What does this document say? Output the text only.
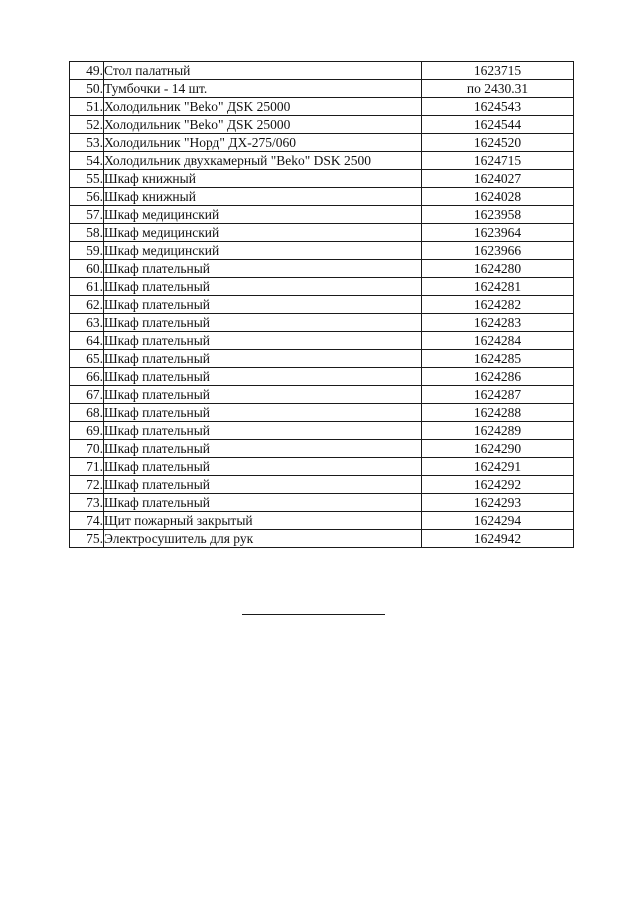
49.	Стол палатный	1623715
50.	Тумбочки - 14 шт.	по 2430.31
51.	Холодильник "Beko" ДSK 25000	1624543
52.	Холодильник "Beko" ДSK 25000	1624544
53.	Холодильник "Норд" ДХ-275/060	1624520
54.	Холодильник двухкамерный "Beko" DSK 2500	1624715
55.	Шкаф книжный	1624027
56.	Шкаф книжный	1624028
57.	Шкаф медицинский	1623958
58.	Шкаф медицинский	1623964
59.	Шкаф медицинский	1623966
60.	Шкаф плательный	1624280
61.	Шкаф плательный	1624281
62.	Шкаф плательный	1624282
63.	Шкаф плательный	1624283
64.	Шкаф плательный	1624284
65.	Шкаф плательный	1624285
66.	Шкаф плательный	1624286
67.	Шкаф плательный	1624287
68.	Шкаф плательный	1624288
69.	Шкаф плательный	1624289
70.	Шкаф плательный	1624290
71.	Шкаф плательный	1624291
72.	Шкаф плательный	1624292
73.	Шкаф плательный	1624293
74.	Щит пожарный закрытый	1624294
75.	Электросушитель для рук	1624942
